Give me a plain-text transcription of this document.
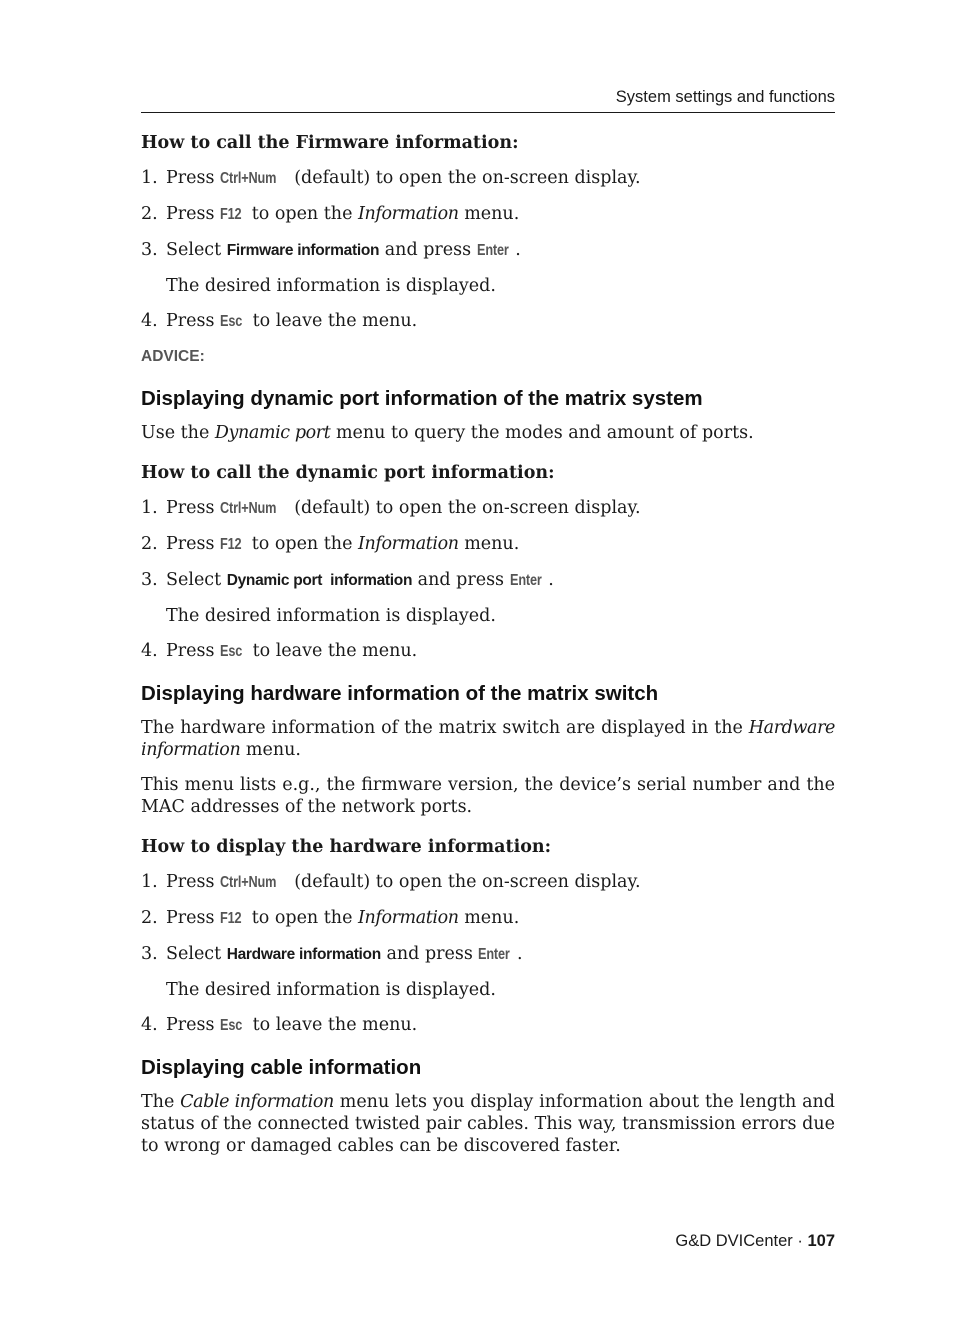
System settings and functions

How to call the Firmware information:

1. Press Ctrl+Num (default) to open the on-screen display.

2. Press F12 to open the Information menu.

3. Select Firmware information and press Enter .

The desired information is displayed.

4. Press Esc to leave the menu.

ADVICE:

Displaying dynamic port information of the matrix system

Use the Dynamic port menu to query the modes and amount of ports.

How to call the dynamic port information:

1. Press Ctrl+Num (default) to open the on-screen display.

2. Press F12 to open the Information menu.

3. Select Dynamic port  information and press Enter .

The desired information is displayed.

4. Press Esc to leave the menu.

Displaying hardware information of the matrix switch

The hardware information of the matrix switch are displayed in the Hardware information menu.

This menu lists e.g., the firmware version, the device’s serial number and the MAC addresses of the network ports.

How to display the hardware information:

1. Press Ctrl+Num (default) to open the on-screen display.

2. Press F12 to open the Information menu.

3. Select Hardware information and press Enter .

The desired information is displayed.

4. Press Esc to leave the menu.

Displaying cable information

The Cable information menu lets you display information about the length and status of the connected twisted pair cables. This way, transmission errors due to wrong or damaged cables can be discovered faster.

G&D DVICenter · 107
